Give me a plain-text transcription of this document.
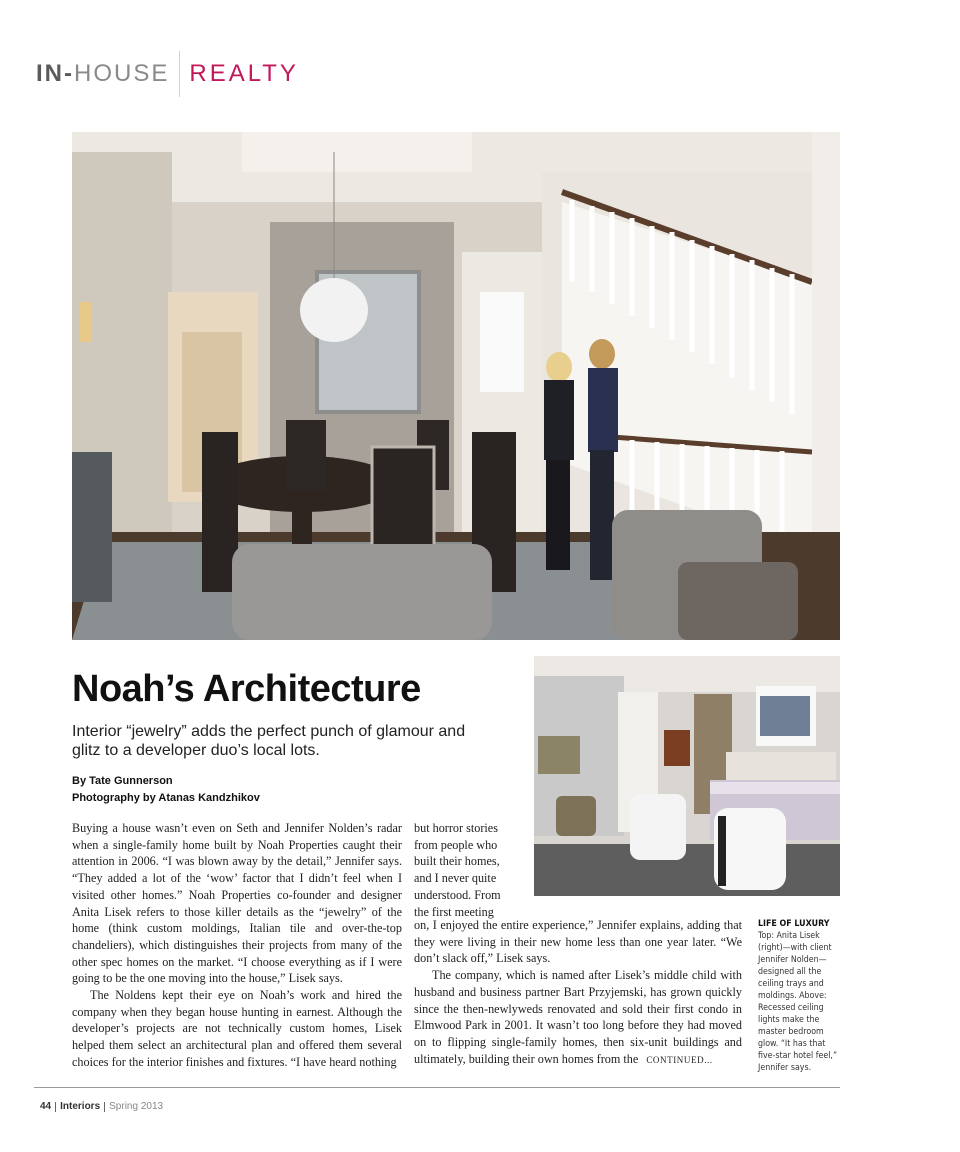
IN-HOUSE REALTY
Noah’s Architecture
Interior “jewelry” adds the perfect punch of glamour and glitz to a developer duo’s local lots.
By Tate Gunnerson
Photography by Atanas Kandzhikov

Buying a house wasn’t even on Seth and Jennifer Nolden’s radar when a single-family home built by Noah Properties caught their attention in 2006. “I was blown away by the detail,” Jennifer says. “They added a lot of the ‘wow’ factor that I didn’t feel when I visited other homes.” Noah Properties co-founder and designer Anita Lisek refers to those killer details as the “jewelry” of the home (think custom moldings, Italian tile and over-the-top chandeliers), which distinguishes their projects from many of the other spec homes on the market. “I choose everything as if I were going to be the one moving into the house,” Lisek says.

The Noldens kept their eye on Noah’s work and hired the company when they began house hunting in earnest. Although the developer’s projects are not technically custom homes, Lisek helped them select an architectural plan and offered them several choices for the interior finishes and fixtures. “I have heard nothing

but horror stories from people who built their homes, and I never quite understood. From the first meeting

on, I enjoyed the entire experience,” Jennifer explains, adding that they were living in their new home less than one year later. “We don’t slack off,” Lisek says.

The company, which is named after Lisek’s middle child with husband and business partner Bart Przyjemski, has grown quickly since the then-newlyweds renovated and sold their first condo in Elmwood Park in 2001. It wasn’t too long before they had moved on to flipping single-family homes, then six-unit buildings and ultimately, building their own homes from the CONTINUED...

LIFE OF LUXURY
Top: Anita Lisek (right)—with client Jennifer Nolden—designed all the ceiling trays and moldings. Above: Recessed ceiling lights make the master bedroom glow. “It has that five-star hotel feel,” Jennifer says.
44 Interiors Spring 2013
